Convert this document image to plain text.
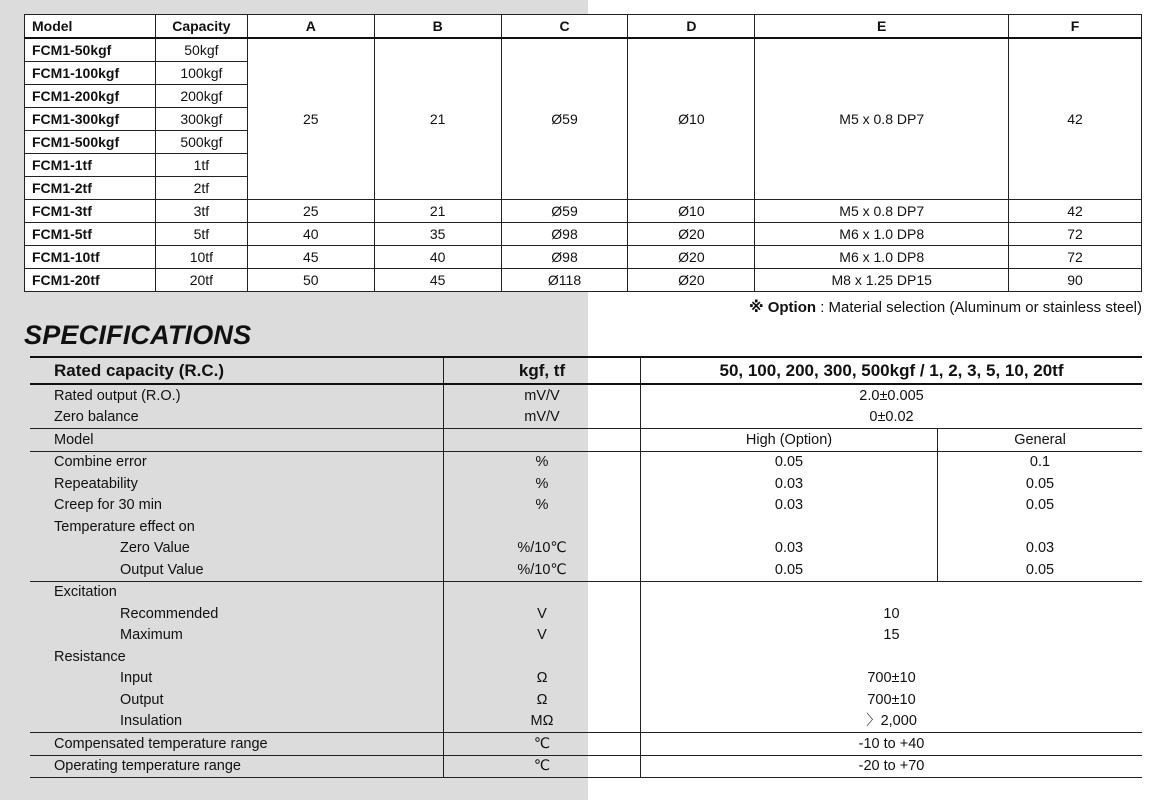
Model	Capacity	A	B	C	D	E	F
FCM1-50kgf	50kgf	25	21	Ø59	Ø10	M5 x 0.8 DP7	42
FCM1-100kgf	100kgf						
FCM1-200kgf	200kgf						
FCM1-300kgf	300kgf						
FCM1-500kgf	500kgf						
FCM1-1tf	1tf						
FCM1-2tf	2tf						
FCM1-3tf	3tf	25	21	Ø59	Ø10	M5 x 0.8 DP7	42
FCM1-5tf	5tf	40	35	Ø98	Ø20	M6 x 1.0 DP8	72
FCM1-10tf	10tf	45	40	Ø98	Ø20	M6 x 1.0 DP8	72
FCM1-20tf	20tf	50	45	Ø118	Ø20	M8 x 1.25 DP15	90
※ Option : Material selection (Aluminum or stainless steel)
SPECIFICATIONS
Rated capacity (R.C.)	kgf, tf	50, 100, 200, 300, 500kgf / 1, 2, 3, 5, 10, 20tf	
Rated output (R.O.)	mV/V	2.0±0.005	
Zero balance	mV/V	0±0.02	
Model		High (Option)	General
Combine error	%	0.05	0.1
Repeatability	%	0.03	0.05
Creep for 30 min	%	0.03	0.05
Temperature effect on			
Zero Value	%/10℃	0.03	0.03
Output Value	%/10℃	0.05	0.05
Excitation			
Recommended	V	10	
Maximum	V	15	
Resistance			
Input	Ω	700±10	
Output	Ω	700±10	
Insulation	MΩ	〉2,000	
Compensated temperature range	℃	-10 to +40	
Operating temperature range	℃	-20 to +70	
